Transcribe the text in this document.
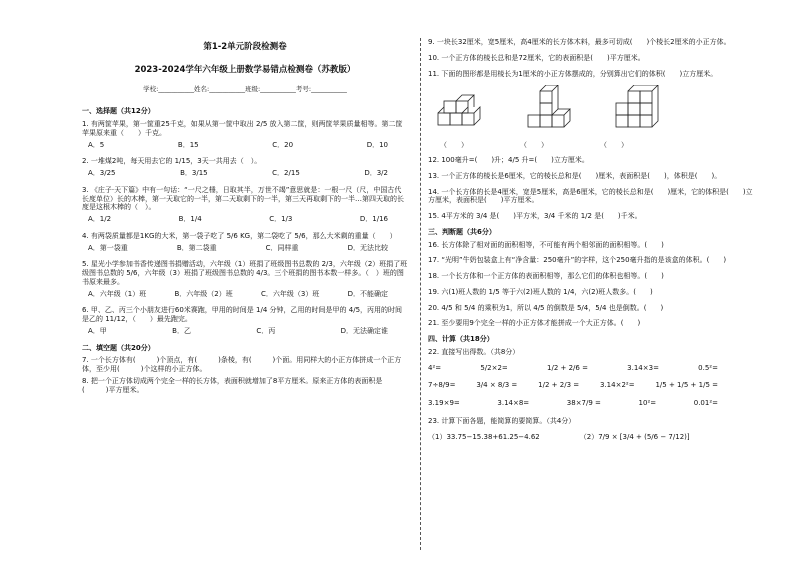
第1-2单元阶段检测卷
2023-2024学年六年级上册数学易错点检测卷（苏教版）
学校:___________姓名:___________班级:___________考号:___________
一、选择题（共12分）
1. 有两筐苹果，第一筐重25千克，如果从第一筐中取出 2/5 放入第二筐，则两筐苹果质量相等。第二筐苹果原来重（　　）千克。
A．5	B．15	C．20	D．10
2. 一堆煤2吨，每天用去它的 1/15，3天一共用去（　）。
A．3/25	B．3/15	C．2/15	D．3/2
3. 《庄子·天下篇》中有一句话：“一尺之棰，日取其半，万世不竭”意思就是：一根一尺（尺，中国古代长度单位）长的木棒，第一天取它的一半，第二天取剩下的一半，第三天再取剩下的一半…第四天取的长度是这根木棒的（　）。
A．1/2	B．1/4	C．1/3	D．1/16
4. 有两袋质量都是1KG的大米，第一袋子吃了 5/6 KG，第二袋吃了 5/6，那么大米剩的重量（　　）
A．第一袋重	B．第二袋重	C．同样重	D．无法比较
5. 星光小学参加书香传递图书捐赠活动，六年级（1）班捐了班级图书总数的 2/3，六年级（2）班捐了班级图书总数的 5/6，六年级（3）班捐了班级图书总数的 4/3。三个班捐的图书本数一样多。（　）班的图书原来最多。
A．六年级（1）班	B．六年级（2）班	C．六年级（3）班	D．不能确定
6. 甲、乙、丙三个小朋友进行60米赛跑，甲用的时间是 1/4 分钟，乙用的时间是甲的 4/5，丙用的时间是乙的 11/12，（　　）最先跑完。
A．甲	B．乙	C．丙	D．无法确定谁
二、填空题（共20分）
7. 一个长方体有(　　　)个顶点，有(　　　)条棱，有(　　　)个面。用同样大的小正方体拼成一个正方体，至少用(　　　)个这样的小正方体。
8. 把一个正方体切成两个完全一样的长方体，表面积就增加了8平方厘米。原来正方体的表面积是(　　　)平方厘米。
9. 一块长32厘米，宽5厘米，高4厘米的长方体木料，最多可切成(　　)个棱长2厘米的小正方体。
10. 一个正方体的棱长总和是72厘米，它的表面积是(　　)平方厘米。
11. 下面的图形都是用棱长为1厘米的小正方体摆成的，分别算出它们的体积(　　)立方厘米。
（　　）	（　　）	（　　）
12. 100毫升=(　　)升；4/5 升=(　　)立方厘米。
13. 一个正方体的棱长是6厘米，它的棱长总和是(　　)厘米，表面积是(　　)，体积是(　　)。
14. 一个长方体的长是4厘米，宽是5厘米，高是6厘米，它的棱长总和是(　　)厘米，它的体积是(　　)立方厘米，表面积是(　　)平方厘米。
15. 4平方米的 3/4 是(　　)平方米，3/4 千米的 1/2 是(　　)千米。
三、判断题（共6分）
16. 长方体除了相对面的面积相等，不可能有两个相邻面的面积相等。(　　)
17. “光明”牛奶包装盒上有“净含量：250毫升”的字样，这个250毫升指的是该盒的体积。(　　)
18. 一个长方体和一个正方体的表面积相等，那么它们的体积也相等。(　　)
19. 六(1)班人数的 1/5 等于六(2)班人数的 1/4，六(2)班人数多。(　　)
20. 4/5 和 5/4 的乘积为1，所以 4/5 的倒数是 5/4，5/4 也是倒数。(　　)
21. 至少要用9个完全一样的小正方体才能拼成一个大正方体。(　　)
四、计算（共18分）
22. 直接写出得数。（共8分）
4²=	5/2×2=	1/2 + 2/6 =	3.14×3=	0.5²=
7÷8/9=	3/4 × 8/3 =	1/2 + 2/3 =	3.14×2²=	1/5 + 1/5 + 1/5 =
3.19×9=	3.14×8=	38×7/9 =	10²=	0.01²=
23. 计算下面各题，能简算的要简算。（共4分）
（1）33.75−15.38+61.25−4.62	（2）7/9 × [3/4 + (5/6 − 7/12)]
